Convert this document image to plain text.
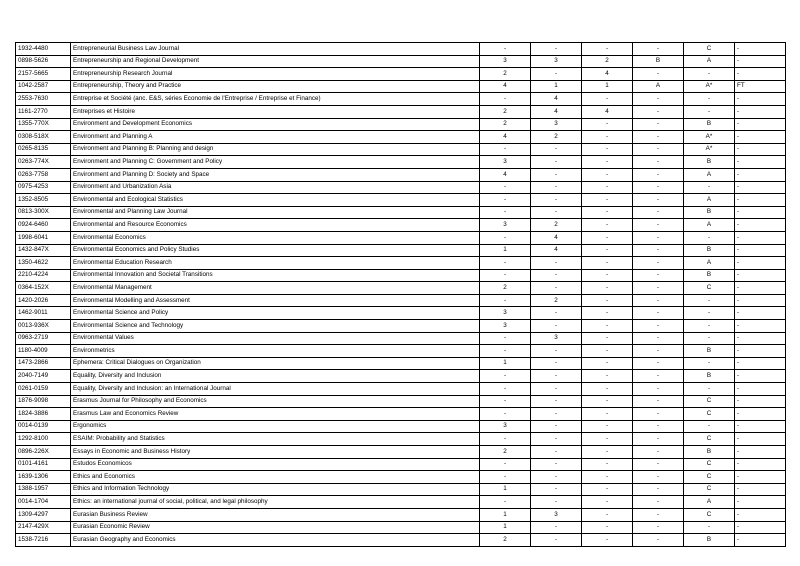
1932-4480	Entrepreneurial Business Law Journal	-	-	-	-	C	-
0898-5626	Entrepreneurship and Regional Development	3	3	2	B	A	-
2157-5665	Entrepreneurship Research Journal	2	-	4	-	-	-
1042-2587	Entrepreneurship, Theory and Practice	4	1	1	A	A*	FT
2553-7630	Entreprise et Société (anc. E&S, séries Economie de l'Entreprise / Entreprise et Finance)	-	4	-	-	-	-
1161-2770	Entreprises et Histoire	2	4	4	-	-	-
1355-770X	Environment and Development Economics	2	3	-	-	B	-
0308-518X	Environment and Planning A	4	2	-	-	A*	-
0265-8135	Environment and Planning B: Planning and design	-	-	-	-	A*	-
0263-774X	Environment and Planning C: Government and Policy	3	-	-	-	B	-
0263-7758	Environment and Planning D: Society and Space	4	-	-	-	A	-
0975-4253	Environment and Urbanization Asia	-	-	-	-	-	-
1352-8505	Environmental and Ecological Statistics	-	-	-	-	A	-
0813-300X	Environmental and Planning Law Journal	-	-	-	-	B	-
0924-6460	Environmental and Resource Economics	3	2	-	-	A	-
1998-6041	Environmental Economics	-	4	-	-	-	-
1432-847X	Environmental Economics and Policy Studies	1	4	-	-	B	-
1350-4622	Environmental Education Research	-	-	-	-	A	-
2210-4224	Environmental Innovation and Societal Transitions	-	-	-	-	B	-
0364-152X	Environmental Management	2	-	-	-	C	-
1420-2026	Environmental Modelling and Assessment	-	2	-	-	-	-
1462-9011	Environmental Science and Policy	3	-	-	-	-	-
0013-936X	Environmental Science and Technology	3	-	-	-	-	-
0963-2719	Environmental Values	-	3	-	-	-	-
1180-4009	Environmetrics	-	-	-	-	B	-
1473-2866	Ephemera: Critical Dialogues on Organization	1	-	-	-	-	-
2040-7149	Equality, Diversity and Inclusion	-	-	-	-	B	-
0261-0159	Equality, Diversity and Inclusion: an International Journal	-	-	-	-	-	-
1876-9098	Erasmus Journal for Philosophy and Economics	-	-	-	-	C	-
1824-3886	Erasmus Law and Economics Review	-	-	-	-	C	-
0014-0139	Ergonomics	3	-	-	-	-	-
1292-8100	ESAIM: Probability and Statistics	-	-	-	-	C	-
0896-226X	Essays in Economic and Business History	2	-	-	-	B	-
0101-4161	Estudos Economicos	-	-	-	-	C	-
1639-1306	Ethics and Economics	-	-	-	-	C	-
1388-1957	Ethics and Information Technology	1	-	-	-	C	-
0014-1704	Ethics: an international journal of social, political, and legal philosophy	-	-	-	-	A	-
1309-4297	Eurasian Business Review	1	3	-	-	C	-
2147-429X	Eurasian Economic Review	1	-	-	-	-	-
1538-7216	Eurasian Geography and Economics	2	-	-	-	B	-
